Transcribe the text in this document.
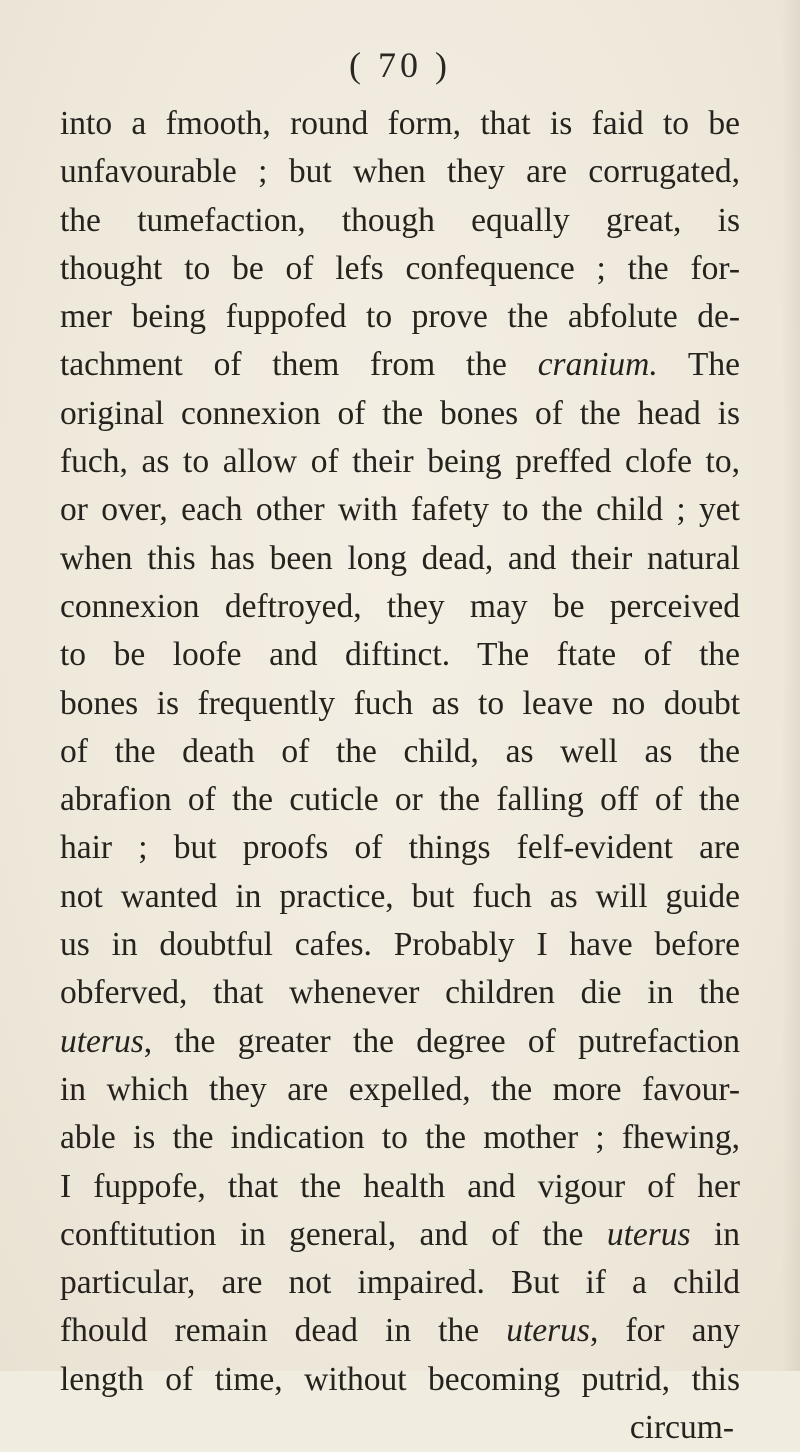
( 70 )
into a fmooth, round form, that is faid to be
unfavourable ; but when they are corrugated,
the tumefaction, though equally great, is
thought to be of lefs confequence ; the for-
mer being fuppofed to prove the abfolute de-
tachment of them from the cranium. The
original connexion of the bones of the head is
fuch, as to allow of their being preffed clofe to,
or over, each other with fafety to the child ; yet
when this has been long dead, and their natural
connexion deftroyed, they may be perceived
to be loofe and diftinct. The ftate of the
bones is frequently fuch as to leave no doubt
of the death of the child, as well as the
abrafion of the cuticle or the falling off of the
hair ; but proofs of things felf-evident are
not wanted in practice, but fuch as will guide
us in doubtful cafes. Probably I have before
obferved, that whenever children die in the
uterus, the greater the degree of putrefaction
in which they are expelled, the more favour-
able is the indication to the mother ; fhewing,
I fuppofe, that the health and vigour of her
conftitution in general, and of the uterus in
particular, are not impaired. But if a child
fhould remain dead in the uterus, for any
length of time, without becoming putrid, this
circum-
